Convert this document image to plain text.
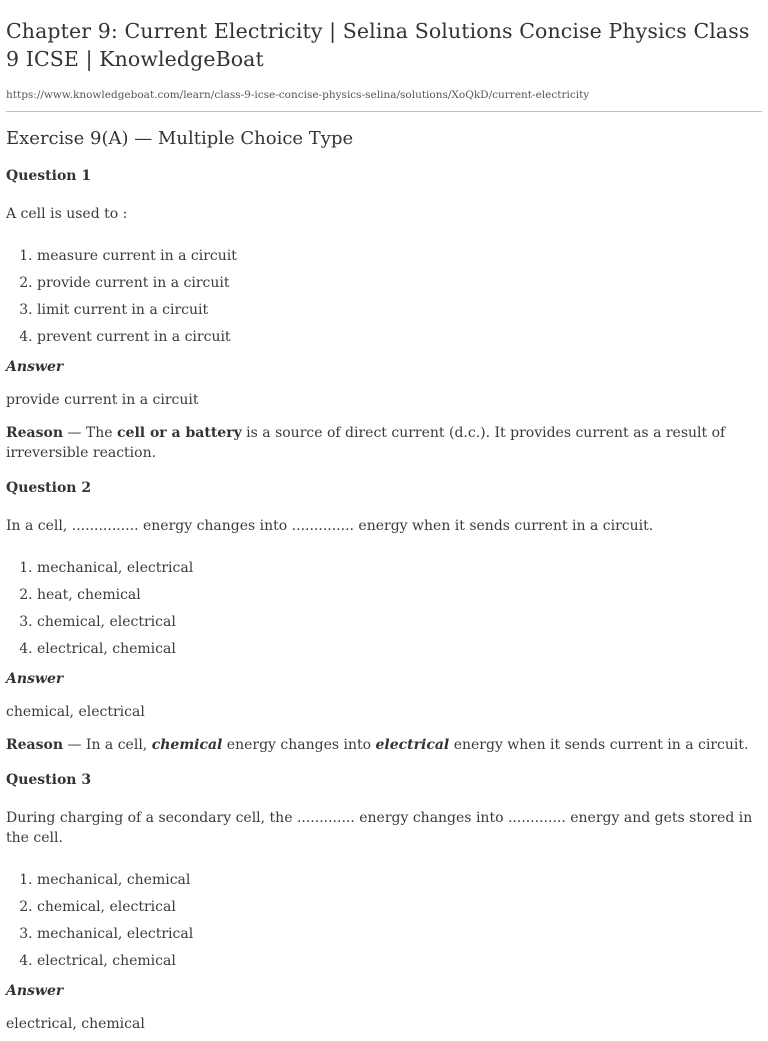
Chapter 9: Current Electricity | Selina Solutions Concise Physics Class 9 ICSE | KnowledgeBoat
https://www.knowledgeboat.com/learn/class-9-icse-concise-physics-selina/solutions/XoQkD/current-electricity
Exercise 9(A) — Multiple Choice Type
Question 1

A cell is used to :

1. measure current in a circuit
2. provide current in a circuit
3. limit current in a circuit
4. prevent current in a circuit
Answer

provide current in a circuit

Reason — The cell or a battery is a source of direct current (d.c.). It provides current as a result of irreversible reaction.

Question 2

In a cell, ............... energy changes into .............. energy when it sends current in a circuit.

1. mechanical, electrical
2. heat, chemical
3. chemical, electrical
4. electrical, chemical
Answer

chemical, electrical

Reason — In a cell, chemical energy changes into electrical energy when it sends current in a circuit.

Question 3

During charging of a secondary cell, the ............. energy changes into ............. energy and gets stored in the cell.

1. mechanical, chemical
2. chemical, electrical
3. mechanical, electrical
4. electrical, chemical
Answer

electrical, chemical
